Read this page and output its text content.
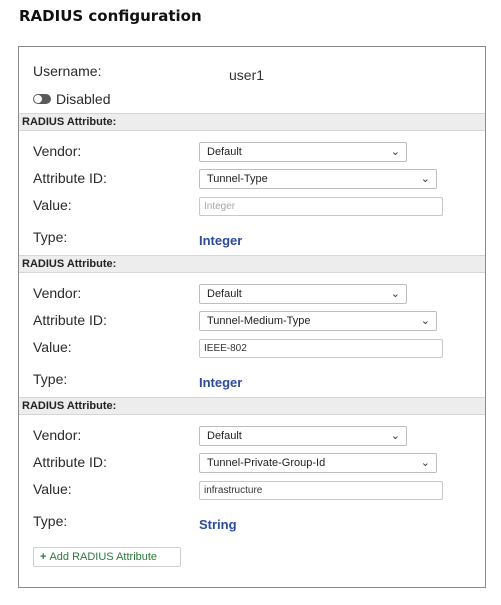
RADIUS configuration
Username:	user1
Disabled
RADIUS Attribute:
Vendor:	Default	⌄
Attribute ID:	Tunnel-Type	⌄
Value:	Integer
Type:	Integer
RADIUS Attribute:
Vendor:	Default	⌄
Attribute ID:	Tunnel-Medium-Type	⌄
Value:	IEEE-802
Type:	Integer
RADIUS Attribute:
Vendor:	Default	⌄
Attribute ID:	Tunnel-Private-Group-Id	⌄
Value:	infrastructure
Type:	String
+ Add RADIUS Attribute
